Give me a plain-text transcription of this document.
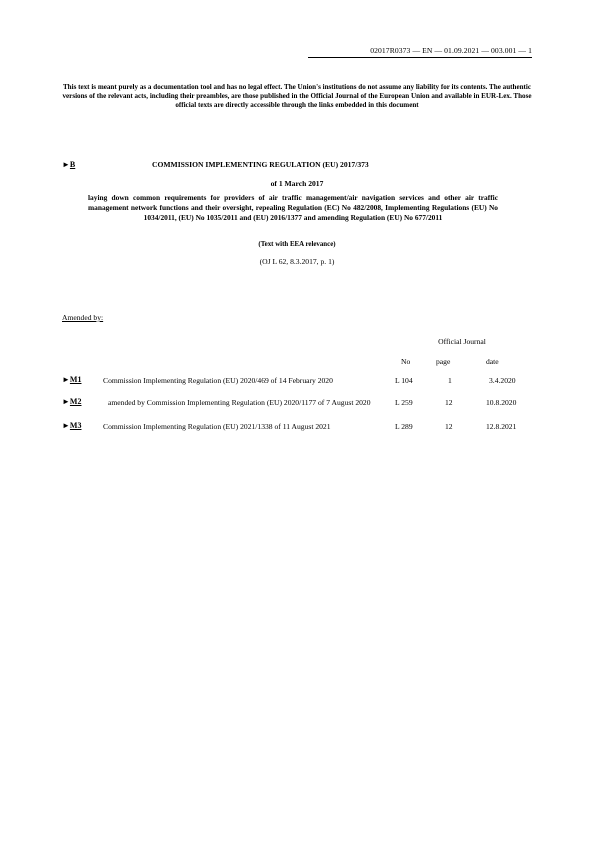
02017R0373 — EN — 01.09.2021 — 003.001 — 1
This text is meant purely as a documentation tool and has no legal effect. The Union's institutions do not assume any liability for its contents. The authentic versions of the relevant acts, including their preambles, are those published in the Official Journal of the European Union and available in EUR-Lex. Those official texts are directly accessible through the links embedded in this document
►B	COMMISSION IMPLEMENTING REGULATION (EU) 2017/373
of 1 March 2017
laying down common requirements for providers of air traffic management/air navigation services and other air traffic management network functions and their oversight, repealing Regulation (EC) No 482/2008, Implementing Regulations (EU) No 1034/2011, (EU) No 1035/2011 and (EU) 2016/1377 and amending Regulation (EU) No 677/2011
(Text with EEA relevance)
(OJ L 62, 8.3.2017, p. 1)
Amended by:
Official Journal
No	page	date
►M1	Commission Implementing Regulation (EU) 2020/469 of 14 February 2020	L 104	1	3.4.2020
►M2	amended by Commission Implementing Regulation (EU) 2020/1177 of 7 August 2020	L 259	12	10.8.2020
►M3	Commission Implementing Regulation (EU) 2021/1338 of 11 August 2021	L 289	12	12.8.2021
